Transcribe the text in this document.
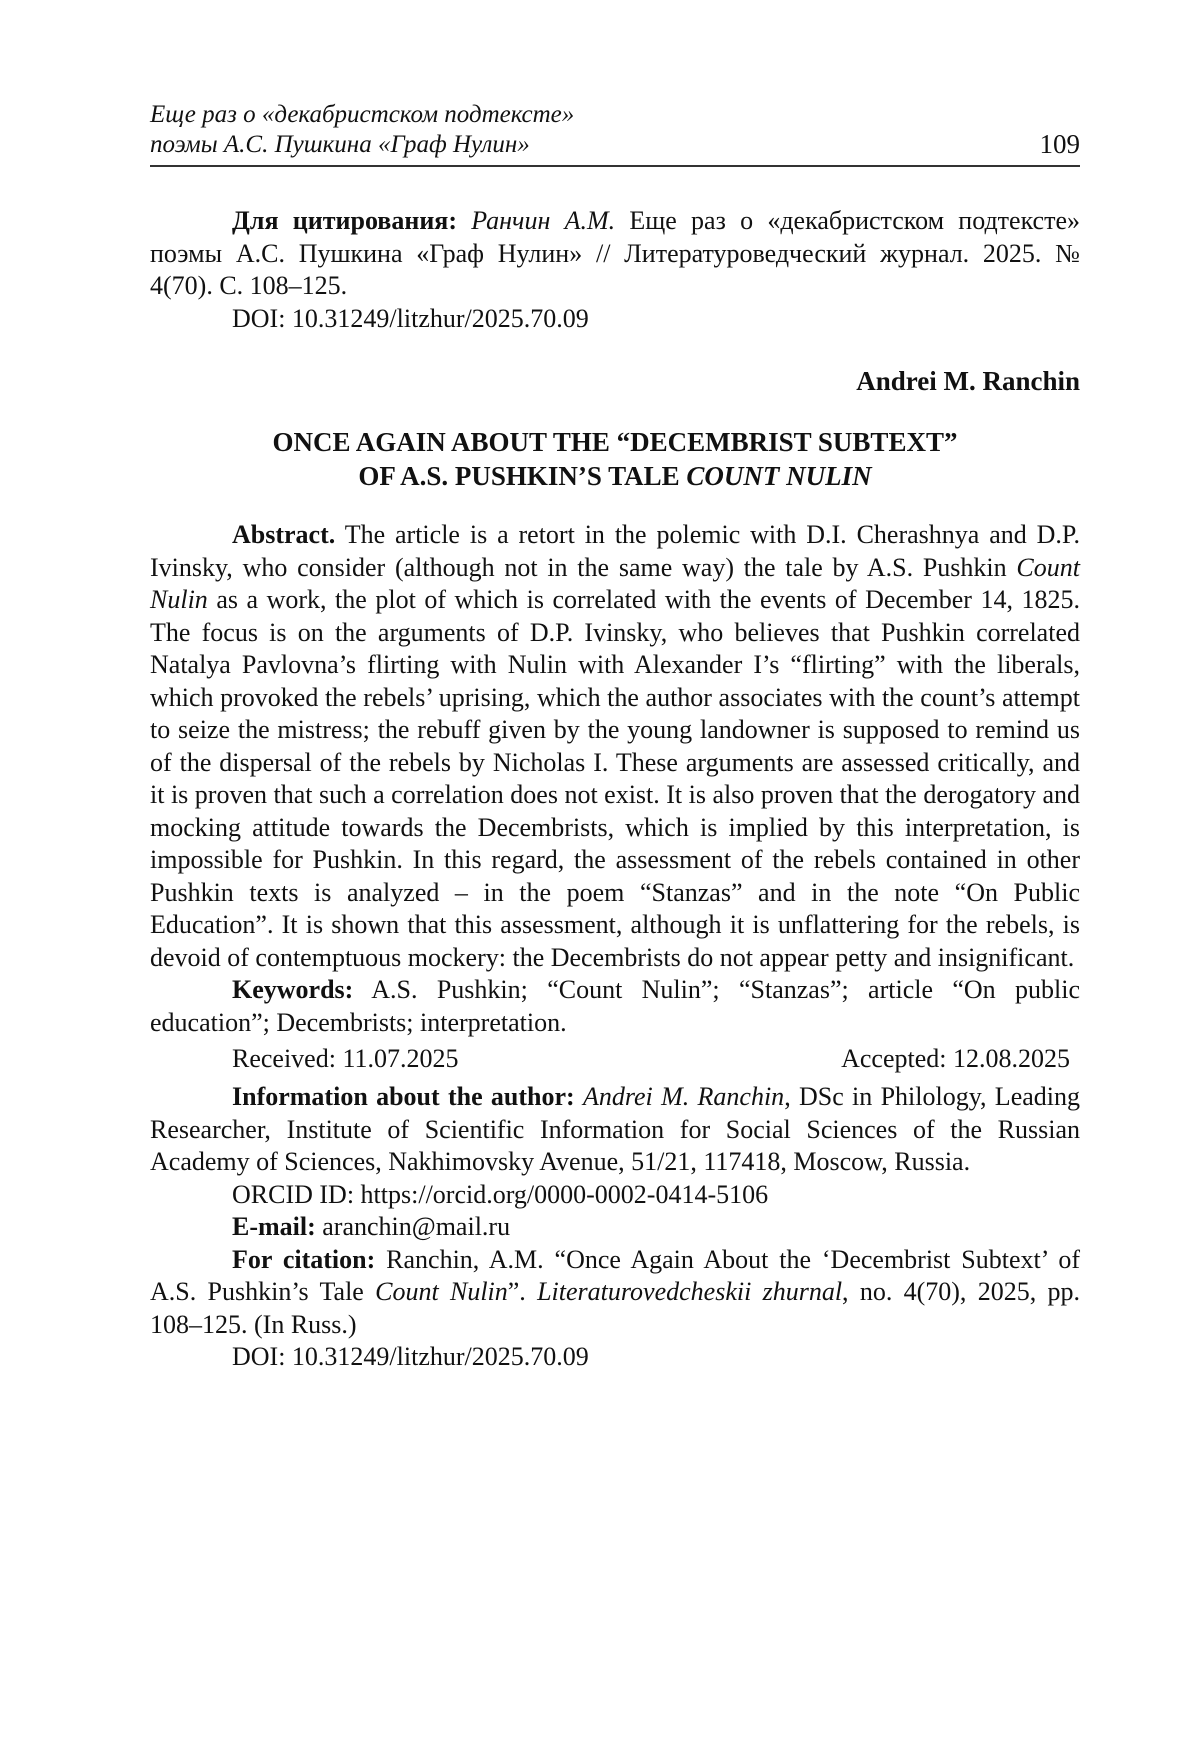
Еще раз о «декабристском подтексте»
поэмы А.С. Пушкина «Граф Нулин»	109

Для цитирования: Ранчин А.М. Еще раз о «декабристском подтексте» поэмы А.С. Пушкина «Граф Нулин» // Литературоведческий журнал. 2025. № 4(70). С. 108–125.

DOI: 10.31249/litzhur/2025.70.09

Andrei M. Ranchin
ONCE AGAIN ABOUT THE “DECEMBRIST SUBTEXT”
OF A.S. PUSHKIN’S TALE COUNT NULIN

Abstract. The article is a retort in the polemic with D.I. Cherashnya and D.P. Ivinsky, who consider (although not in the same way) the tale by A.S. Pushkin Count Nulin as a work, the plot of which is correlated with the events of December 14, 1825. The focus is on the arguments of D.P. Ivinsky, who believes that Pushkin correlated Natalya Pavlovna’s flirting with Nulin with Alexander I’s “flirting” with the liberals, which provoked the rebels’ uprising, which the author associates with the count’s attempt to seize the mistress; the rebuff given by the young landowner is supposed to remind us of the dispersal of the rebels by Nicholas I. These arguments are assessed critically, and it is proven that such a correlation does not exist. It is also proven that the derogatory and mocking attitude towards the Decembrists, which is implied by this interpretation, is impossible for Pushkin. In this regard, the assessment of the rebels contained in other Pushkin texts is analyzed – in the poem “Stanzas” and in the note “On Public Education”. It is shown that this assessment, although it is unflattering for the rebels, is devoid of contemptuous mockery: the Decembrists do not appear petty and insignificant.

Keywords: A.S. Pushkin; “Count Nulin”; “Stanzas”; article “On public education”; Decembrists; interpretation.

Received: 11.07.2025	Accepted: 12.08.2025

Information about the author: Andrei M. Ranchin, DSc in Philology, Leading Researcher, Institute of Scientific Information for Social Sciences of the Russian Academy of Sciences, Nakhimovsky Avenue, 51/21, 117418, Moscow, Russia.

ORCID ID: https://orcid.org/0000-0002-0414-5106

E-mail: aranchin@mail.ru

For citation: Ranchin, A.M. “Once Again About the ‘Decembrist Subtext’ of A.S. Pushkin’s Tale Count Nulin”. Literaturovedcheskii zhurnal, no. 4(70), 2025, pp. 108–125. (In Russ.)

DOI: 10.31249/litzhur/2025.70.09
